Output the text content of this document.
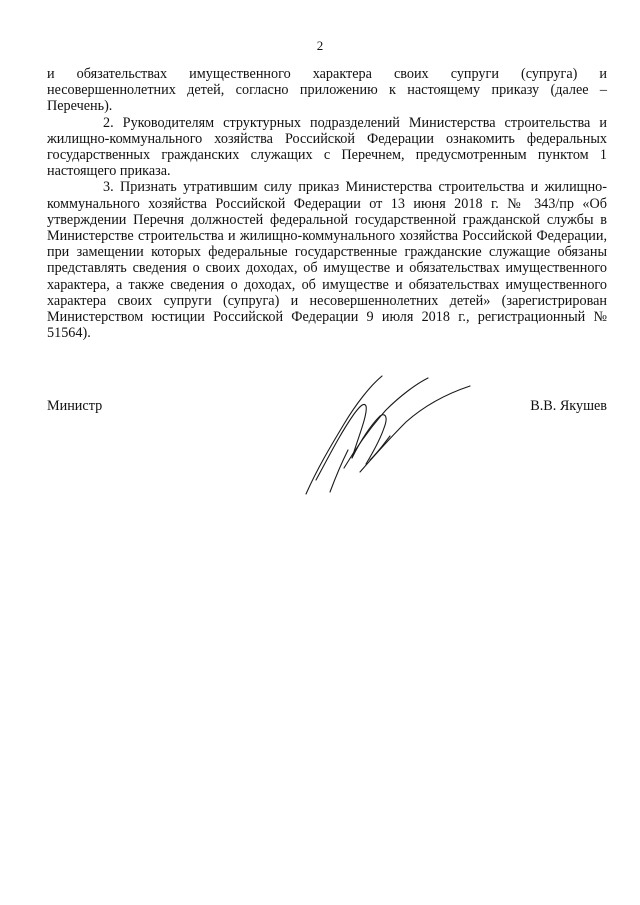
2

и обязательствах имущественного характера своих супруги (супруга) и несовершеннолетних детей, согласно приложению к настоящему приказу (далее – Перечень).

2. Руководителям структурных подразделений Министерства строительства и жилищно-коммунального хозяйства Российской Федерации ознакомить федеральных государственных гражданских служащих с Перечнем, предусмотренным пунктом 1 настоящего приказа.

3. Признать утратившим силу приказ Министерства строительства и жилищно-коммунального хозяйства Российской Федерации от 13 июня 2018 г. № 343/пр «Об утверждении Перечня должностей федеральной государственной гражданской службы в Министерстве строительства и жилищно-коммунального хозяйства Российской Федерации, при замещении которых федеральные государственные гражданские служащие обязаны представлять сведения о своих доходах, об имуществе и обязательствах имущественного характера, а также сведения о доходах, об имуществе и обязательствах имущественного характера своих супруги (супруга) и несовершеннолетних детей» (зарегистрирован Министерством юстиции Российской Федерации 9 июля 2018 г., регистрационный № 51564).

Министр	В.В. Якушев
